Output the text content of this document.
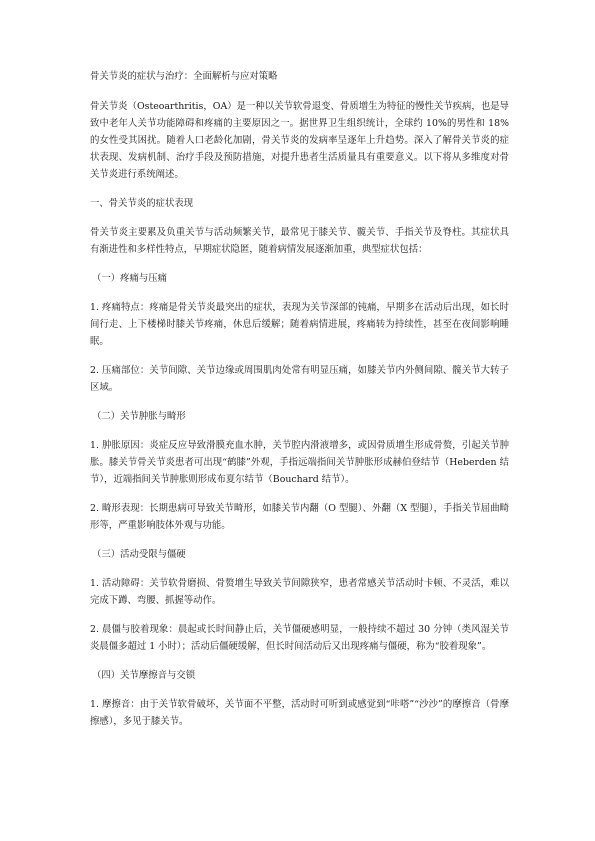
骨关节炎的症状与治疗：全面解析与应对策略

骨关节炎（Osteoarthritis，OA）是一种以关节软骨退变、骨质增生为特征的慢性关节疾病，也是导致中老年人关节功能障碍和疼痛的主要原因之一。据世界卫生组织统计，全球约 10%的男性和 18%的女性受其困扰。随着人口老龄化加剧，骨关节炎的发病率呈逐年上升趋势。深入了解骨关节炎的症状表现、发病机制、治疗手段及预防措施，对提升患者生活质量具有重要意义。以下将从多维度对骨关节炎进行系统阐述。

一、骨关节炎的症状表现

骨关节炎主要累及负重关节与活动频繁关节，最常见于膝关节、髋关节、手指关节及脊柱。其症状具有渐进性和多样性特点，早期症状隐匿，随着病情发展逐渐加重，典型症状包括：

（一）疼痛与压痛

1. 疼痛特点：疼痛是骨关节炎最突出的症状，表现为关节深部的钝痛，早期多在活动后出现，如长时间行走、上下楼梯时膝关节疼痛，休息后缓解；随着病情进展，疼痛转为持续性，甚至在夜间影响睡眠。

2. 压痛部位：关节间隙、关节边缘或周围肌肉处常有明显压痛，如膝关节内外侧间隙、髋关节大转子区域。

（二）关节肿胀与畸形

1. 肿胀原因：炎症反应导致滑膜充血水肿，关节腔内滑液增多，或因骨质增生形成骨赘，引起关节肿胀。膝关节骨关节炎患者可出现“鹤膝”外观，手指远端指间关节肿胀形成赫伯登结节（Heberden 结节），近端指间关节肿胀则形成布夏尔结节（Bouchard 结节）。

2. 畸形表现：长期患病可导致关节畸形，如膝关节内翻（O 型腿）、外翻（X 型腿），手指关节屈曲畸形等，严重影响肢体外观与功能。

（三）活动受限与僵硬

1. 活动障碍：关节软骨磨损、骨赘增生导致关节间隙狭窄，患者常感关节活动时卡顿、不灵活，难以完成下蹲、弯腰、抓握等动作。

2. 晨僵与胶着现象：晨起或长时间静止后，关节僵硬感明显，一般持续不超过 30 分钟（类风湿关节炎晨僵多超过 1 小时）；活动后僵硬缓解，但长时间活动后又出现疼痛与僵硬，称为“胶着现象”。

（四）关节摩擦音与交锁

1. 摩擦音：由于关节软骨破坏，关节面不平整，活动时可听到或感觉到“咔嗒”“沙沙”的摩擦音（骨摩擦感），多见于膝关节。
